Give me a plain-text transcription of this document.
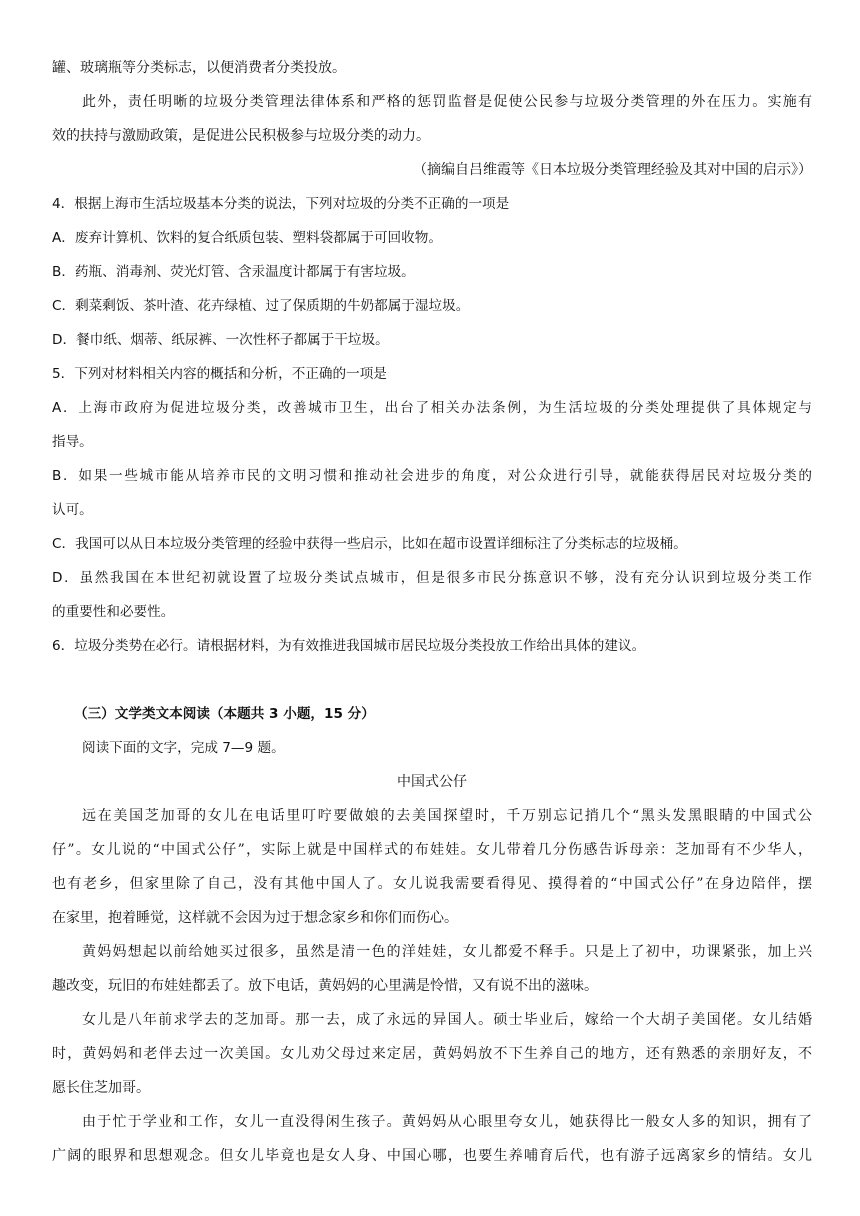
罐、玻璃瓶等分类标志，以便消费者分类投放。
此外，责任明晰的垃圾分类管理法律体系和严格的惩罚监督是促使公民参与垃圾分类管理的外在压力。实施有
效的扶持与激励政策，是促进公民积极参与垃圾分类的动力。
（摘编自吕维霞等《日本垃圾分类管理经验及其对中国的启示》）
4．根据上海市生活垃圾基本分类的说法，下列对垃圾的分类不正确的一项是
A．废弃计算机、饮料的复合纸质包装、塑料袋都属于可回收物。
B．药瓶、消毒剂、荧光灯管、含汞温度计都属于有害垃圾。
C．剩菜剩饭、茶叶渣、花卉绿植、过了保质期的牛奶都属于湿垃圾。
D．餐巾纸、烟蒂、纸尿裤、一次性杯子都属于干垃圾。
5．下列对材料相关内容的概括和分析，不正确的一项是
A．上海市政府为促进垃圾分类，改善城市卫生，出台了相关办法条例，为生活垃圾的分类处理提供了具体规定与
指导。
B．如果一些城市能从培养市民的文明习惯和推动社会进步的角度，对公众进行引导，就能获得居民对垃圾分类的
认可。
C．我国可以从日本垃圾分类管理的经验中获得一些启示，比如在超市设置详细标注了分类标志的垃圾桶。
D．虽然我国在本世纪初就设置了垃圾分类试点城市，但是很多市民分拣意识不够，没有充分认识到垃圾分类工作
的重要性和必要性。
6．垃圾分类势在必行。请根据材料，为有效推进我国城市居民垃圾分类投放工作给出具体的建议。
（三）文学类文本阅读（本题共 3 小题，15 分）
阅读下面的文字，完成 7—9 题。
中国式公仔
远在美国芝加哥的女儿在电话里叮咛要做娘的去美国探望时，千万别忘记捎几个“黑头发黑眼睛的中国式公
仔”。女儿说的“中国式公仔”，实际上就是中国样式的布娃娃。女儿带着几分伤感告诉母亲：芝加哥有不少华人，
也有老乡，但家里除了自己，没有其他中国人了。女儿说我需要看得见、摸得着的“中国式公仔”在身边陪伴，摆
在家里，抱着睡觉，这样就不会因为过于想念家乡和你们而伤心。
黄妈妈想起以前给她买过很多，虽然是清一色的洋娃娃，女儿都爱不释手。只是上了初中，功课紧张，加上兴
趣改变，玩旧的布娃娃都丢了。放下电话，黄妈妈的心里满是怜惜，又有说不出的滋味。
女儿是八年前求学去的芝加哥。那一去，成了永远的异国人。硕士毕业后，嫁给一个大胡子美国佬。女儿结婚
时，黄妈妈和老伴去过一次美国。女儿劝父母过来定居，黄妈妈放不下生养自己的地方，还有熟悉的亲朋好友，不
愿长住芝加哥。
由于忙于学业和工作，女儿一直没得闲生孩子。黄妈妈从心眼里夸女儿，她获得比一般女人多的知识，拥有了
广阔的眼界和思想观念。但女儿毕竟也是女人身、中国心哪，也要生养哺育后代，也有游子远离家乡的情结。女儿
